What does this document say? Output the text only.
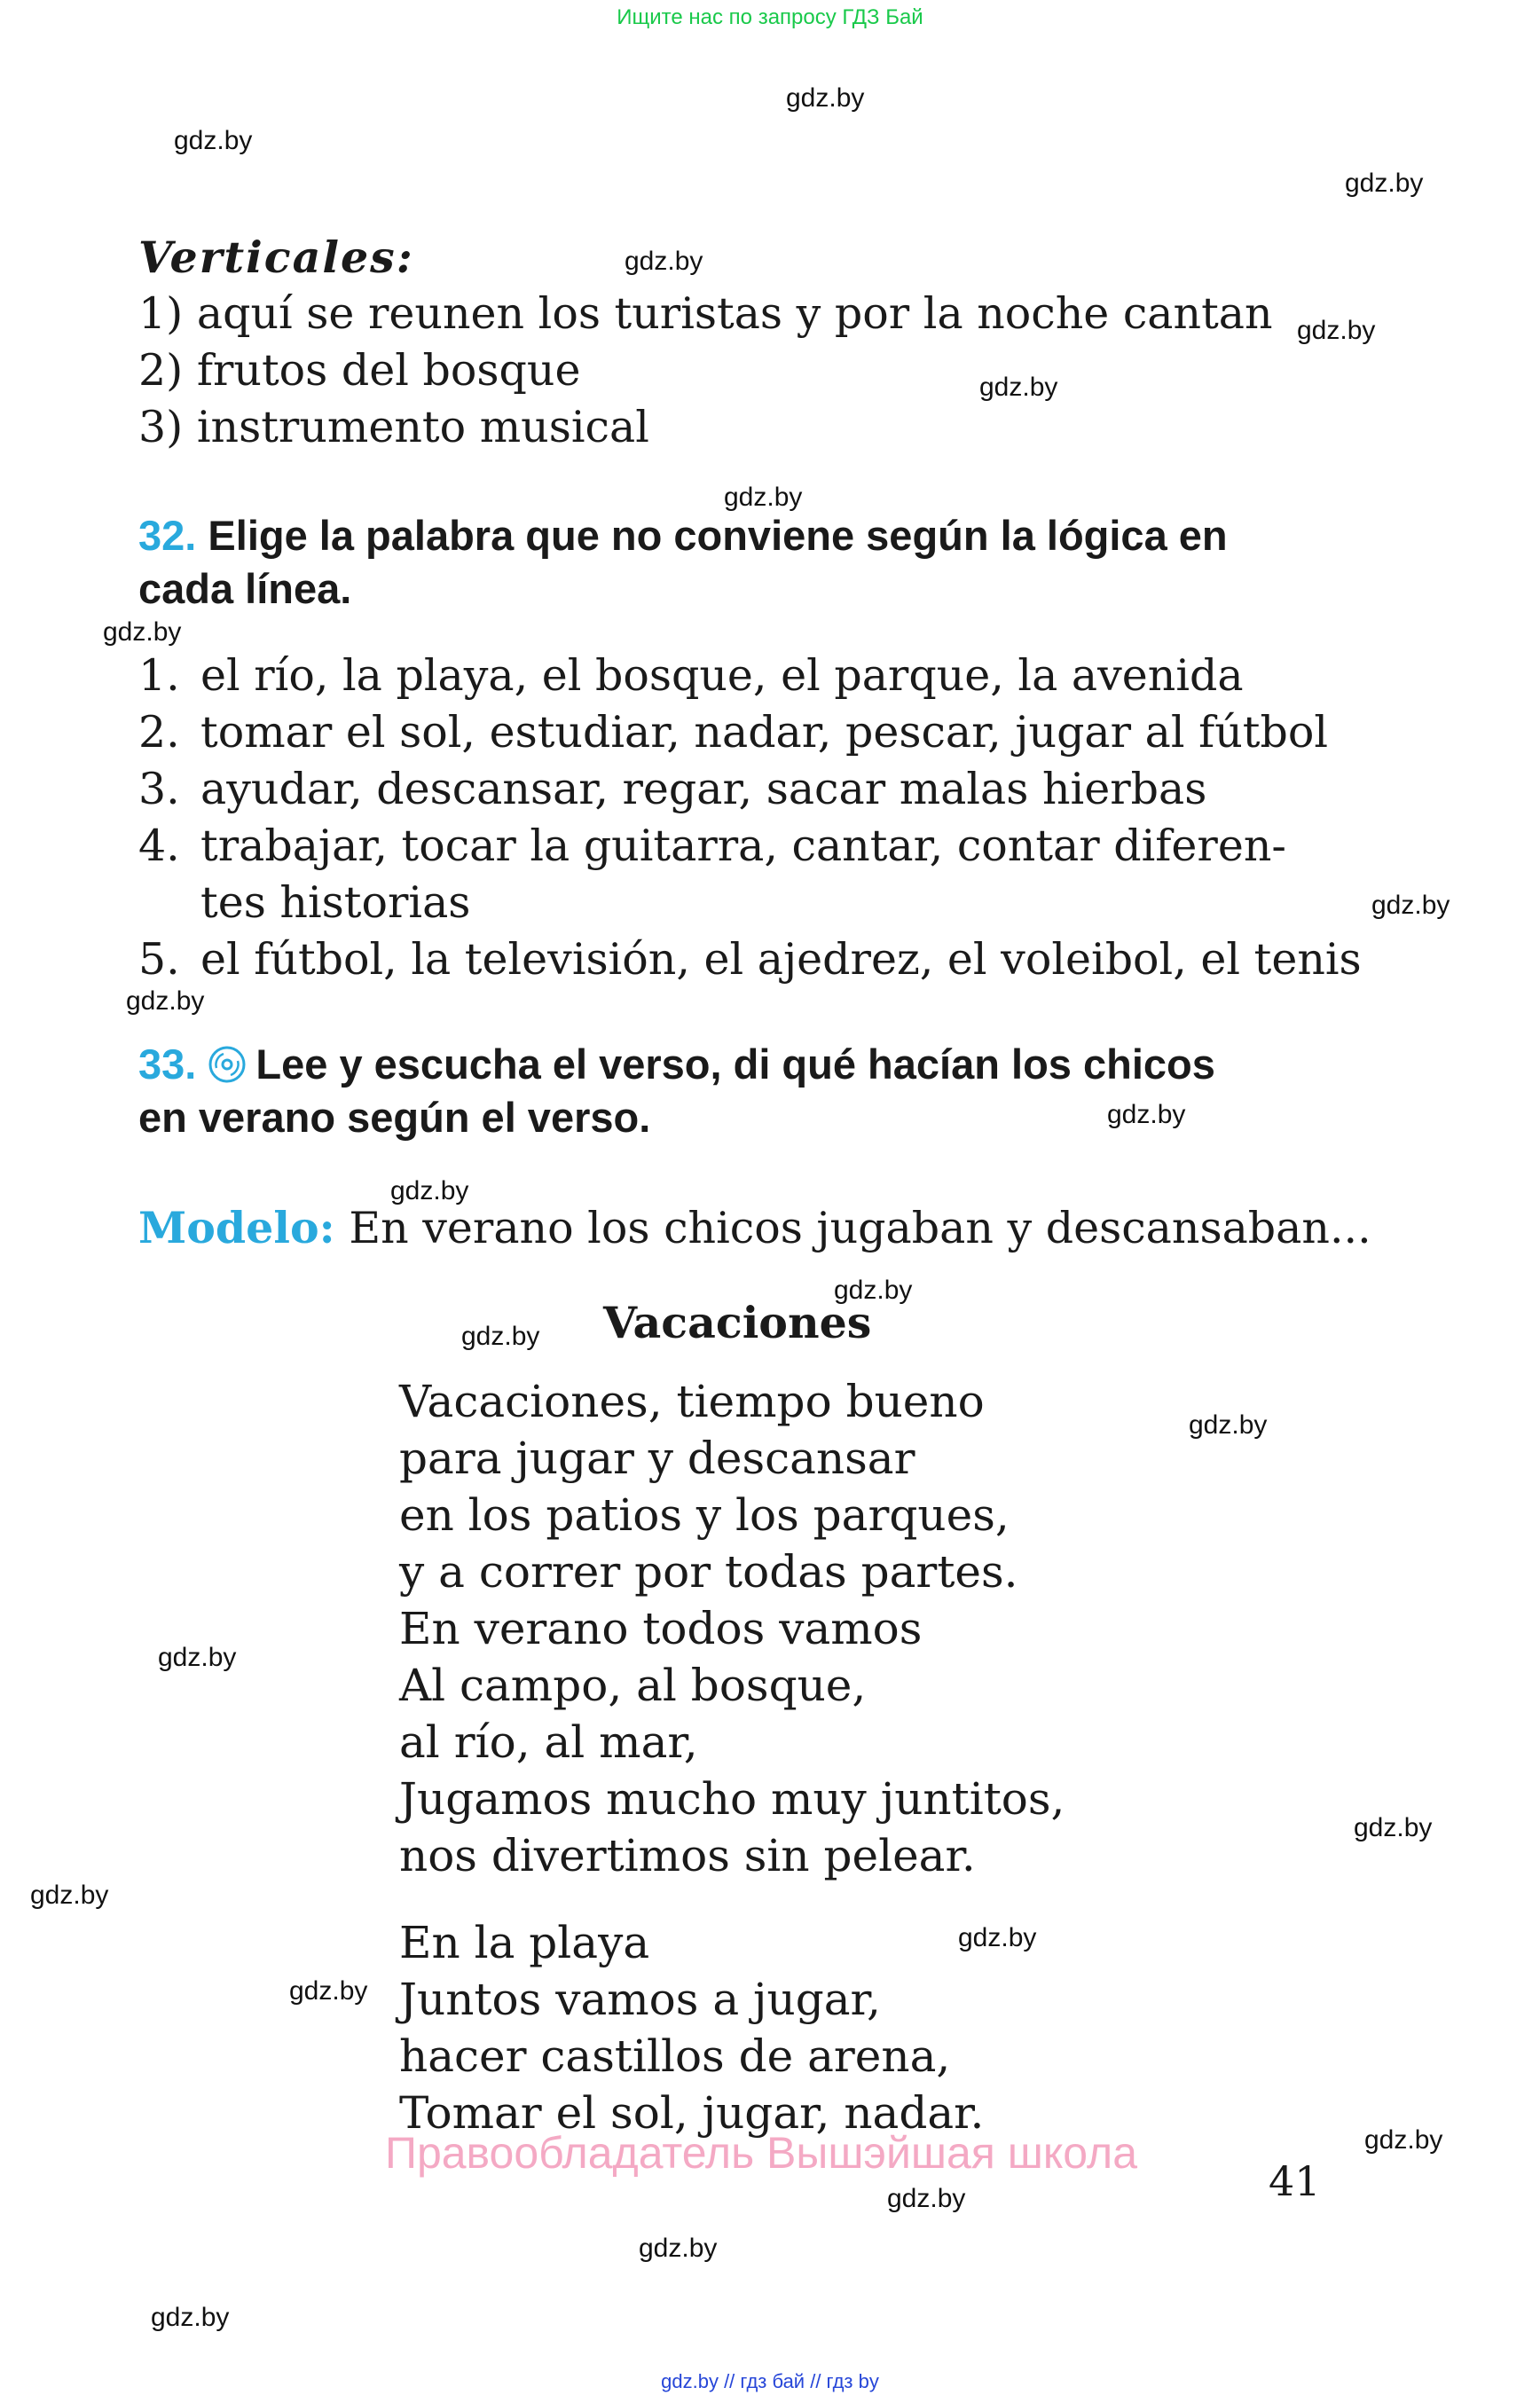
Ищите нас по запросу ГДЗ Бай
gdz.by
gdz.by
gdz.by
gdz.by
gdz.by
gdz.by
gdz.by
gdz.by
gdz.by
gdz.by
gdz.by
gdz.by
gdz.by
gdz.by
gdz.by
gdz.by
gdz.by
gdz.by
gdz.by
gdz.by
gdz.by
gdz.by
gdz.by
gdz.by
Verticales:
1) aquí se reunen los turistas y por la noche cantan
2) frutos del bosque
3) instrumento musical
32. Elige la palabra que no conviene según la lógica en
cada línea.
1. el río, la playa, el bosque, el parque, la avenida
2. tomar el sol, estudiar, nadar, pescar, jugar al fútbol
3. ayudar, descansar, regar, sacar malas hierbas
4. trabajar, tocar la guitarra, cantar, contar diferen-
tes historias
5. el fútbol, la televisión, el ajedrez, el voleibol, el tenis
33. Lee y escucha el verso, di qué hacían los chicos
en verano según el verso.
Modelo: En verano los chicos jugaban y descansaban...
Vacaciones
Vacaciones, tiempo bueno
para jugar y descansar
en los patios y los parques,
y a correr por todas partes.
En verano todos vamos
Al campo, al bosque,
al río, al mar,
Jugamos mucho muy juntitos,
nos divertimos sin pelear.
En la playa
Juntos vamos a jugar,
hacer castillos de arena,
Tomar el sol, jugar, nadar.
Правообладатель Вышэйшая школа
41
gdz.by // гдз бай // гдз by
